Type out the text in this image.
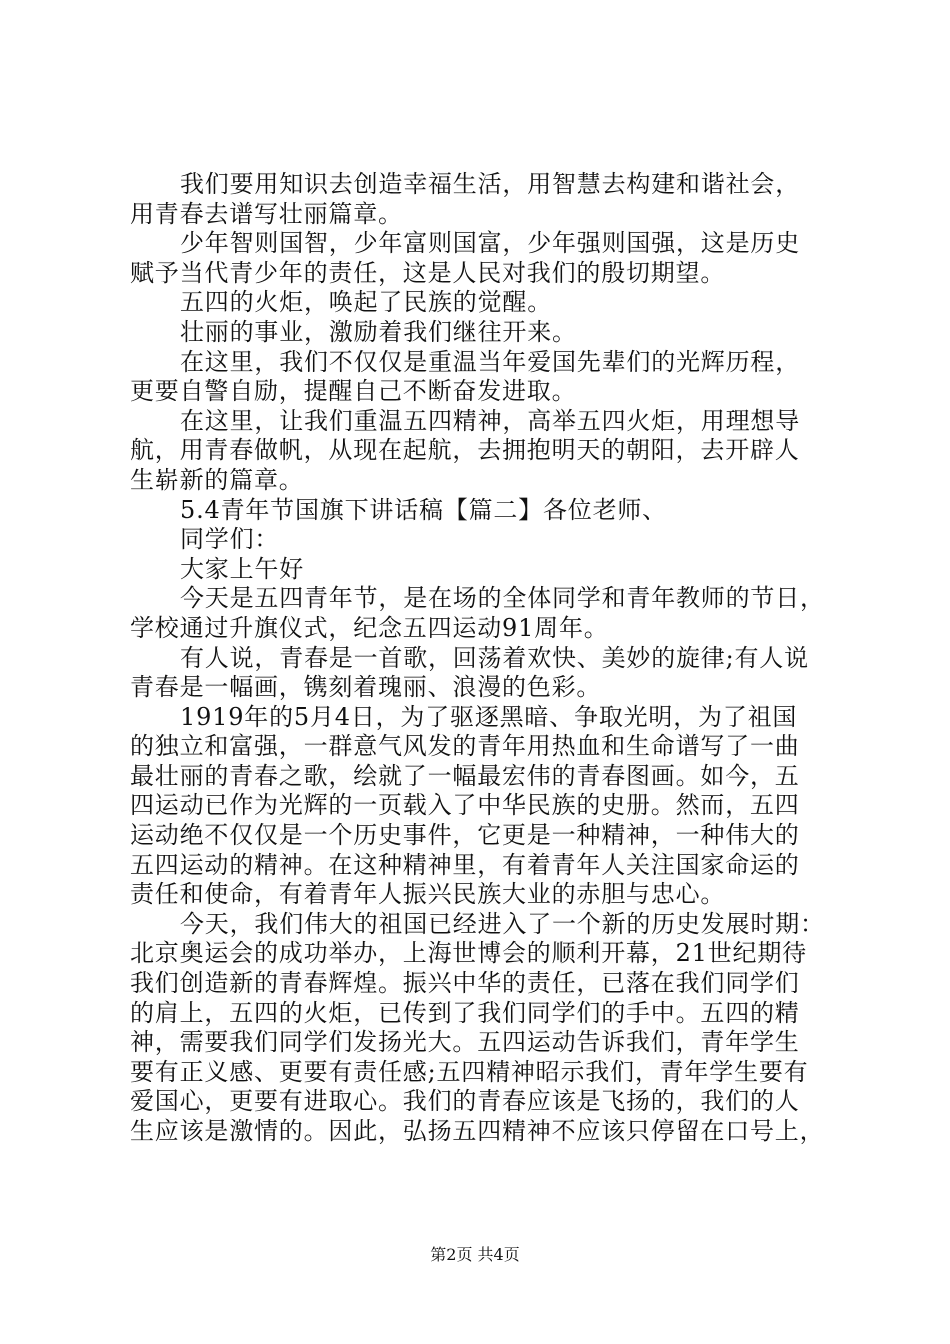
我们要用知识去创造幸福生活，用智慧去构建和谐社会，
用青春去谱写壮丽篇章。
少年智则国智，少年富则国富，少年强则国强，这是历史
赋予当代青少年的责任，这是人民对我们的殷切期望。
五四的火炬，唤起了民族的觉醒。
壮丽的事业，激励着我们继往开来。
在这里，我们不仅仅是重温当年爱国先辈们的光辉历程，
更要自警自励，提醒自己不断奋发进取。
在这里，让我们重温五四精神，高举五四火炬，用理想导
航，用青春做帆，从现在起航，去拥抱明天的朝阳，去开辟人
生崭新的篇章。
5.4青年节国旗下讲话稿【篇二】各位老师、
同学们：
大家上午好
今天是五四青年节，是在场的全体同学和青年教师的节日，
学校通过升旗仪式，纪念五四运动91周年。
有人说，青春是一首歌，回荡着欢快、美妙的旋律;有人说
青春是一幅画，镌刻着瑰丽、浪漫的色彩。
1919年的5月4日，为了驱逐黑暗、争取光明，为了祖国
的独立和富强，一群意气风发的青年用热血和生命谱写了一曲
最壮丽的青春之歌，绘就了一幅最宏伟的青春图画。如今，五
四运动已作为光辉的一页载入了中华民族的史册。然而，五四
运动绝不仅仅是一个历史事件，它更是一种精神，一种伟大的
五四运动的精神。在这种精神里，有着青年人关注国家命运的
责任和使命，有着青年人振兴民族大业的赤胆与忠心。
今天，我们伟大的祖国已经进入了一个新的历史发展时期：
北京奥运会的成功举办，上海世博会的顺利开幕，21世纪期待
我们创造新的青春辉煌。振兴中华的责任，已落在我们同学们
的肩上，五四的火炬，已传到了我们同学们的手中。五四的精
神，需要我们同学们发扬光大。五四运动告诉我们，青年学生
要有正义感、更要有责任感;五四精神昭示我们，青年学生要有
爱国心，更要有进取心。我们的青春应该是飞扬的，我们的人
生应该是激情的。因此，弘扬五四精神不应该只停留在口号上，
第2页 共4页
